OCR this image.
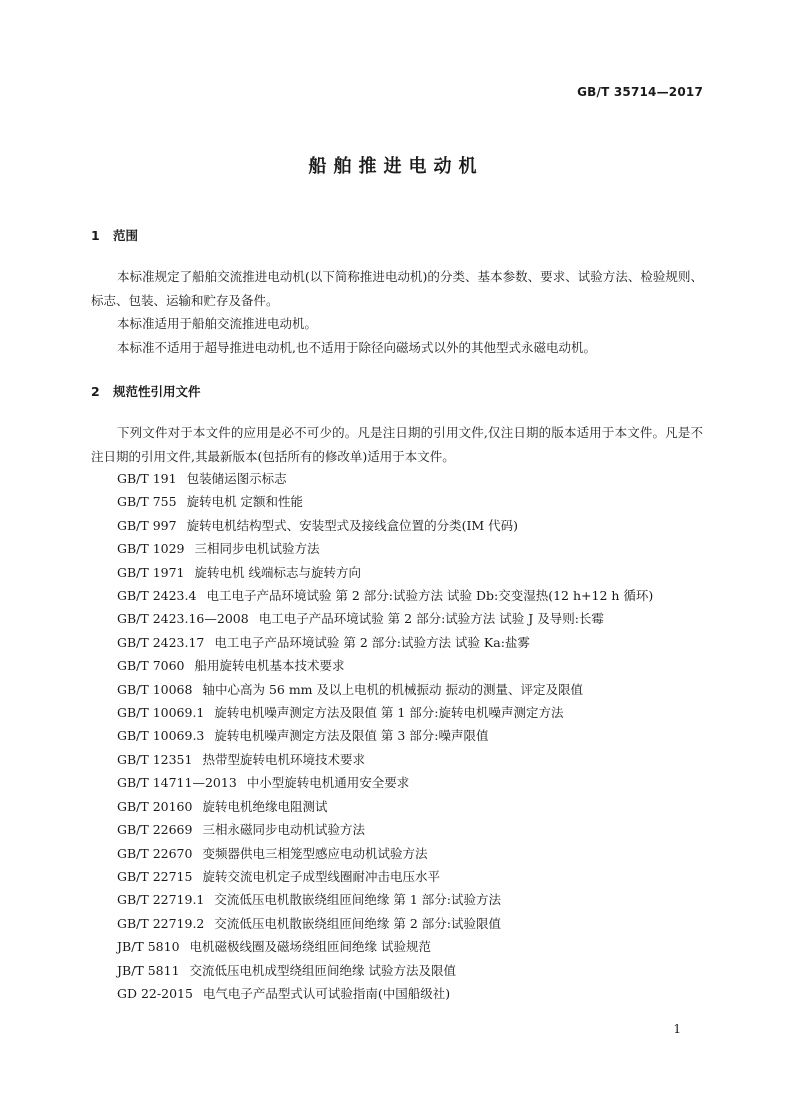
GB/T 35714—2017
船舶推进电动机
1 范围

本标准规定了船舶交流推进电动机(以下简称推进电动机)的分类、基本参数、要求、试验方法、检验规则、标志、包装、运输和贮存及备件。

本标准适用于船舶交流推进电动机。

本标准不适用于超导推进电动机,也不适用于除径向磁场式以外的其他型式永磁电动机。

2 规范性引用文件

下列文件对于本文件的应用是必不可少的。凡是注日期的引用文件,仅注日期的版本适用于本文件。凡是不注日期的引用文件,其最新版本(包括所有的修改单)适用于本文件。

GB/T 191 包装储运图示标志

GB/T 755 旋转电机 定额和性能

GB/T 997 旋转电机结构型式、安装型式及接线盒位置的分类(IM 代码)

GB/T 1029 三相同步电机试验方法

GB/T 1971 旋转电机 线端标志与旋转方向

GB/T 2423.4 电工电子产品环境试验 第 2 部分:试验方法 试验 Db:交变湿热(12 h+12 h 循环)

GB/T 2423.16—2008 电工电子产品环境试验 第 2 部分:试验方法 试验 J 及导则:长霉

GB/T 2423.17 电工电子产品环境试验 第 2 部分:试验方法 试验 Ka:盐雾

GB/T 7060 船用旋转电机基本技术要求

GB/T 10068 轴中心高为 56 mm 及以上电机的机械振动 振动的测量、评定及限值

GB/T 10069.1 旋转电机噪声测定方法及限值 第 1 部分:旋转电机噪声测定方法

GB/T 10069.3 旋转电机噪声测定方法及限值 第 3 部分:噪声限值

GB/T 12351 热带型旋转电机环境技术要求

GB/T 14711—2013 中小型旋转电机通用安全要求

GB/T 20160 旋转电机绝缘电阻测试

GB/T 22669 三相永磁同步电动机试验方法

GB/T 22670 变频器供电三相笼型感应电动机试验方法

GB/T 22715 旋转交流电机定子成型线圈耐冲击电压水平

GB/T 22719.1 交流低压电机散嵌绕组匝间绝缘 第 1 部分:试验方法

GB/T 22719.2 交流低压电机散嵌绕组匝间绝缘 第 2 部分:试验限值

JB/T 5810 电机磁极线圈及磁场绕组匝间绝缘 试验规范

JB/T 5811 交流低压电机成型绕组匝间绝缘 试验方法及限值

GD 22-2015 电气电子产品型式认可试验指南(中国船级社)

1
